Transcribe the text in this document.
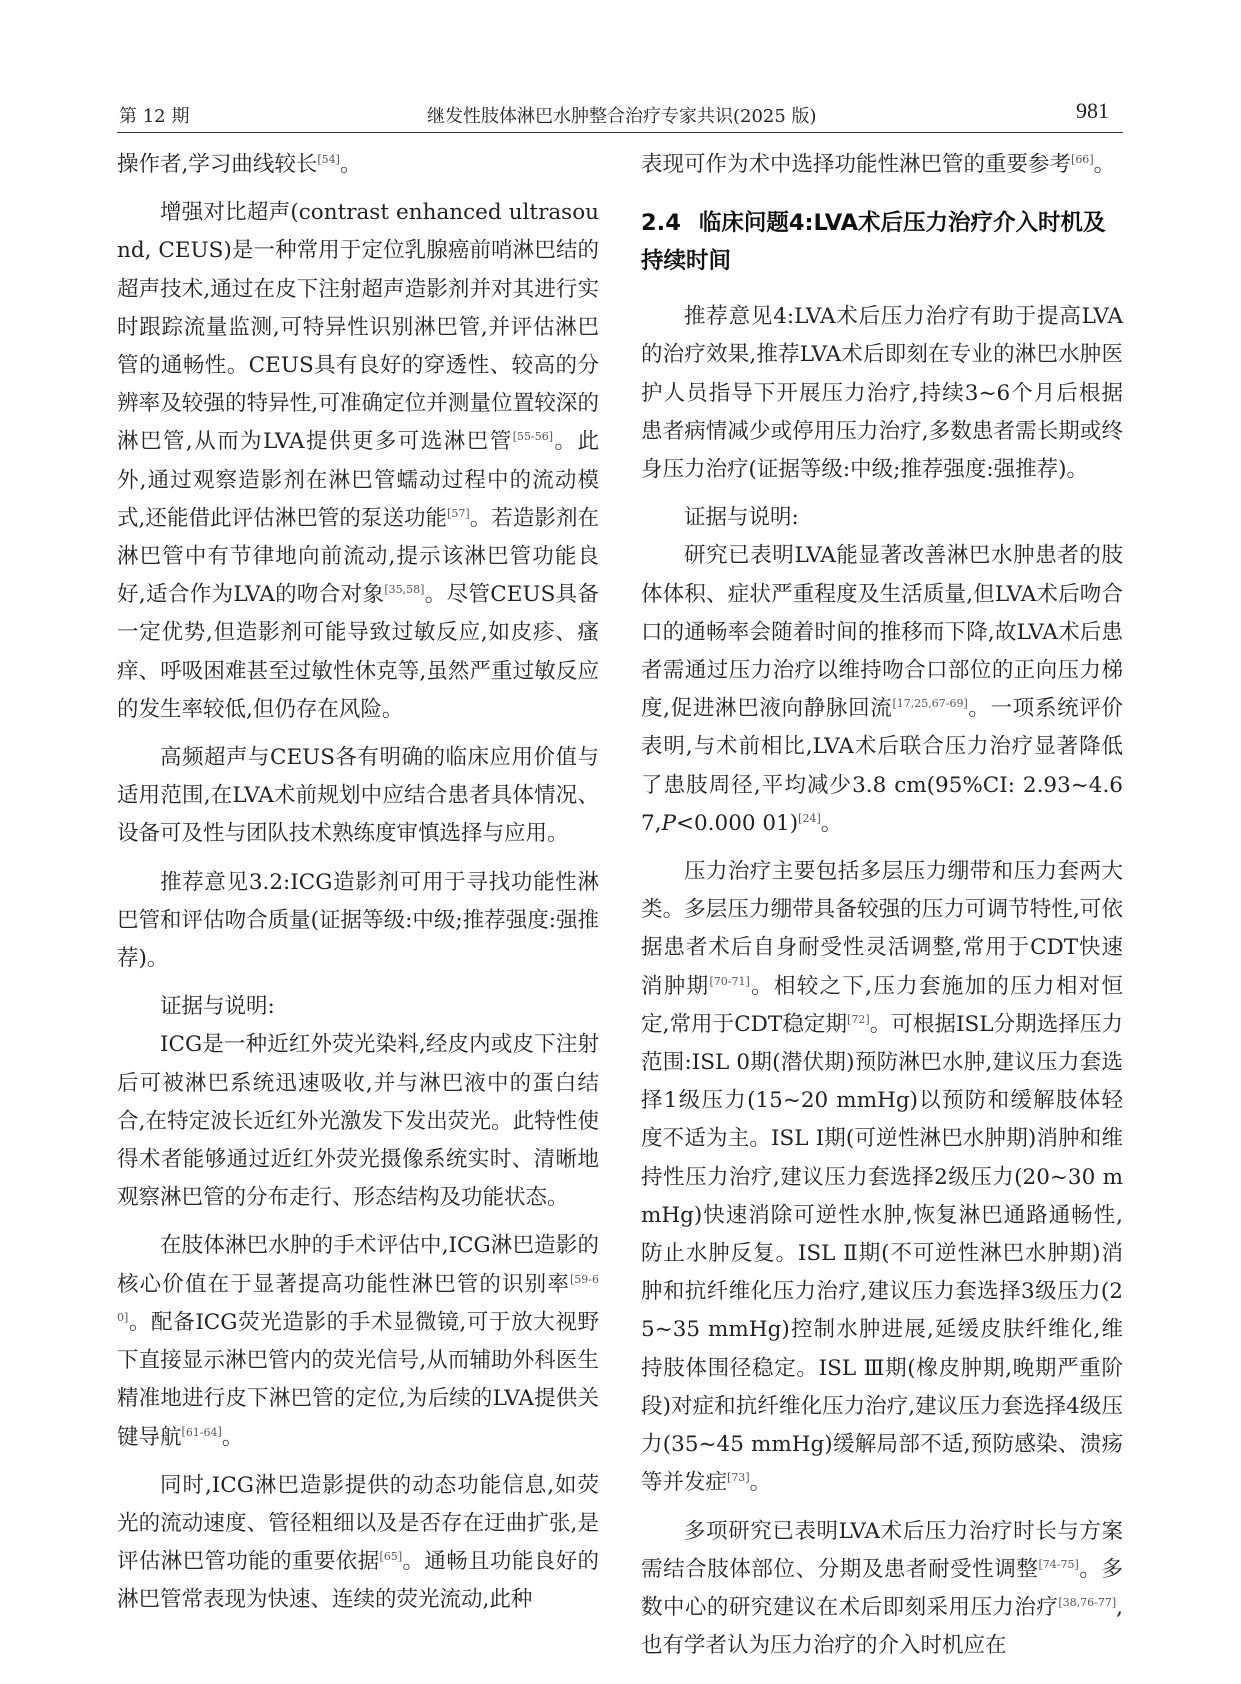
第 12 期	继发性肢体淋巴水肿整合治疗专家共识(2025 版)	981

操作者,学习曲线较长 [ $^{54}$ ] 。

增强对比超声(contrast enhanced ultrasound, CEUS)是一种常用于定位乳腺癌前哨淋巴结的超声技术,通过在皮下注射超声造影剂并对其进行实时跟踪流量监测,可特异性识别淋巴管,并评估淋巴管的通畅性。CEUS具有良好的穿透性、较高的分辨率及较强的特异性,可准确定位并测量位置较深的淋巴管,从而为LVA提供更多可选淋巴管 [ $^{55-56}$ ] 。此外,通过观察造影剂在淋巴管蠕动过程中的流动模式,还能借此评估淋巴管的泵送功能 [ $^{57}$ ] 。若造影剂在淋巴管中有节律地向前流动,提示该淋巴管功能良好,适合作为LVA的吻合对象 [ $^{35,58}$ ] 。尽管CEUS具备一定优势,但造影剂可能导致过敏反应,如皮疹、瘙痒、呼吸困难甚至过敏性休克等,虽然严重过敏反应的发生率较低,但仍存在风险。

高频超声与CEUS各有明确的临床应用价值与适用范围,在LVA术前规划中应结合患者具体情况、设备可及性与团队技术熟练度审慎选择与应用。

推荐意见3.2:ICG造影剂可用于寻找功能性淋巴管和评估吻合质量(证据等级:中级;推荐强度:强推荐)。

证据与说明:

ICG是一种近红外荧光染料,经皮内或皮下注射后可被淋巴系统迅速吸收,并与淋巴液中的蛋白结合,在特定波长近红外光激发下发出荧光。此特性使得术者能够通过近红外荧光摄像系统实时、清晰地观察淋巴管的分布走行、形态结构及功能状态。

在肢体淋巴水肿的手术评估中,ICG淋巴造影的核心价值在于显著提高功能性淋巴管的识别率 [ $^{59-60}$ ] 。配备ICG荧光造影的手术显微镜,可于放大视野下直接显示淋巴管内的荧光信号,从而辅助外科医生精准地进行皮下淋巴管的定位,为后续的LVA提供关键导航 [ $^{61-64}$ ] 。

同时,ICG淋巴造影提供的动态功能信息,如荧光的流动速度、管径粗细以及是否存在迂曲扩张,是评估淋巴管功能的重要依据 [ $^{65}$ ] 。通畅且功能良好的淋巴管常表现为快速、连续的荧光流动,此种

表现可作为术中选择功能性淋巴管的重要参考 [ $^{66}$ ] 。

2.4 临床问题4:LVA术后压力治疗介入时机及持续时间

推荐意见4:LVA术后压力治疗有助于提高LVA的治疗效果,推荐LVA术后即刻在专业的淋巴水肿医护人员指导下开展压力治疗,持续3~6个月后根据患者病情减少或停用压力治疗,多数患者需长期或终身压力治疗(证据等级:中级;推荐强度:强推荐)。

证据与说明:

研究已表明LVA能显著改善淋巴水肿患者的肢体体积、症状严重程度及生活质量,但LVA术后吻合口的通畅率会随着时间的推移而下降,故LVA术后患者需通过压力治疗以维持吻合口部位的正向压力梯度,促进淋巴液向静脉回流 [ $^{17,25,67-69}$ ] 。一项系统评价表明,与术前相比,LVA术后联合压力治疗显著降低了患肢周径,平均减少3.8 cm(95%CI: 2.93~4.67,P<0.000 01) [ $^{24}$ ] 。

压力治疗主要包括多层压力绷带和压力套两大类。多层压力绷带具备较强的压力可调节特性,可依据患者术后自身耐受性灵活调整,常用于CDT快速消肿期 [ $^{70-71}$ ] 。相较之下,压力套施加的压力相对恒定,常用于CDT稳定期 [ $^{72}$ ] 。可根据ISL分期选择压力范围:ISL 0期(潜伏期)预防淋巴水肿,建议压力套选择1级压力(15~20 mmHg)以预防和缓解肢体轻度不适为主。ISL Ⅰ期(可逆性淋巴水肿期)消肿和维持性压力治疗,建议压力套选择2级压力(20~30 mmHg)快速消除可逆性水肿,恢复淋巴通路通畅性,防止水肿反复。ISL Ⅱ期(不可逆性淋巴水肿期)消肿和抗纤维化压力治疗,建议压力套选择3级压力(25~35 mmHg)控制水肿进展,延缓皮肤纤维化,维持肢体围径稳定。ISL Ⅲ期(橡皮肿期,晚期严重阶段)对症和抗纤维化压力治疗,建议压力套选择4级压力(35~45 mmHg)缓解局部不适,预防感染、溃疡等并发症 [ $^{73}$ ] 。

多项研究已表明LVA术后压力治疗时长与方案需结合肢体部位、分期及患者耐受性调整 [ $^{74-75}$ ] 。多数中心的研究建议在术后即刻采用压力治疗 [ $^{38,76-77}$ ] ,也有学者认为压力治疗的介入时机应在
